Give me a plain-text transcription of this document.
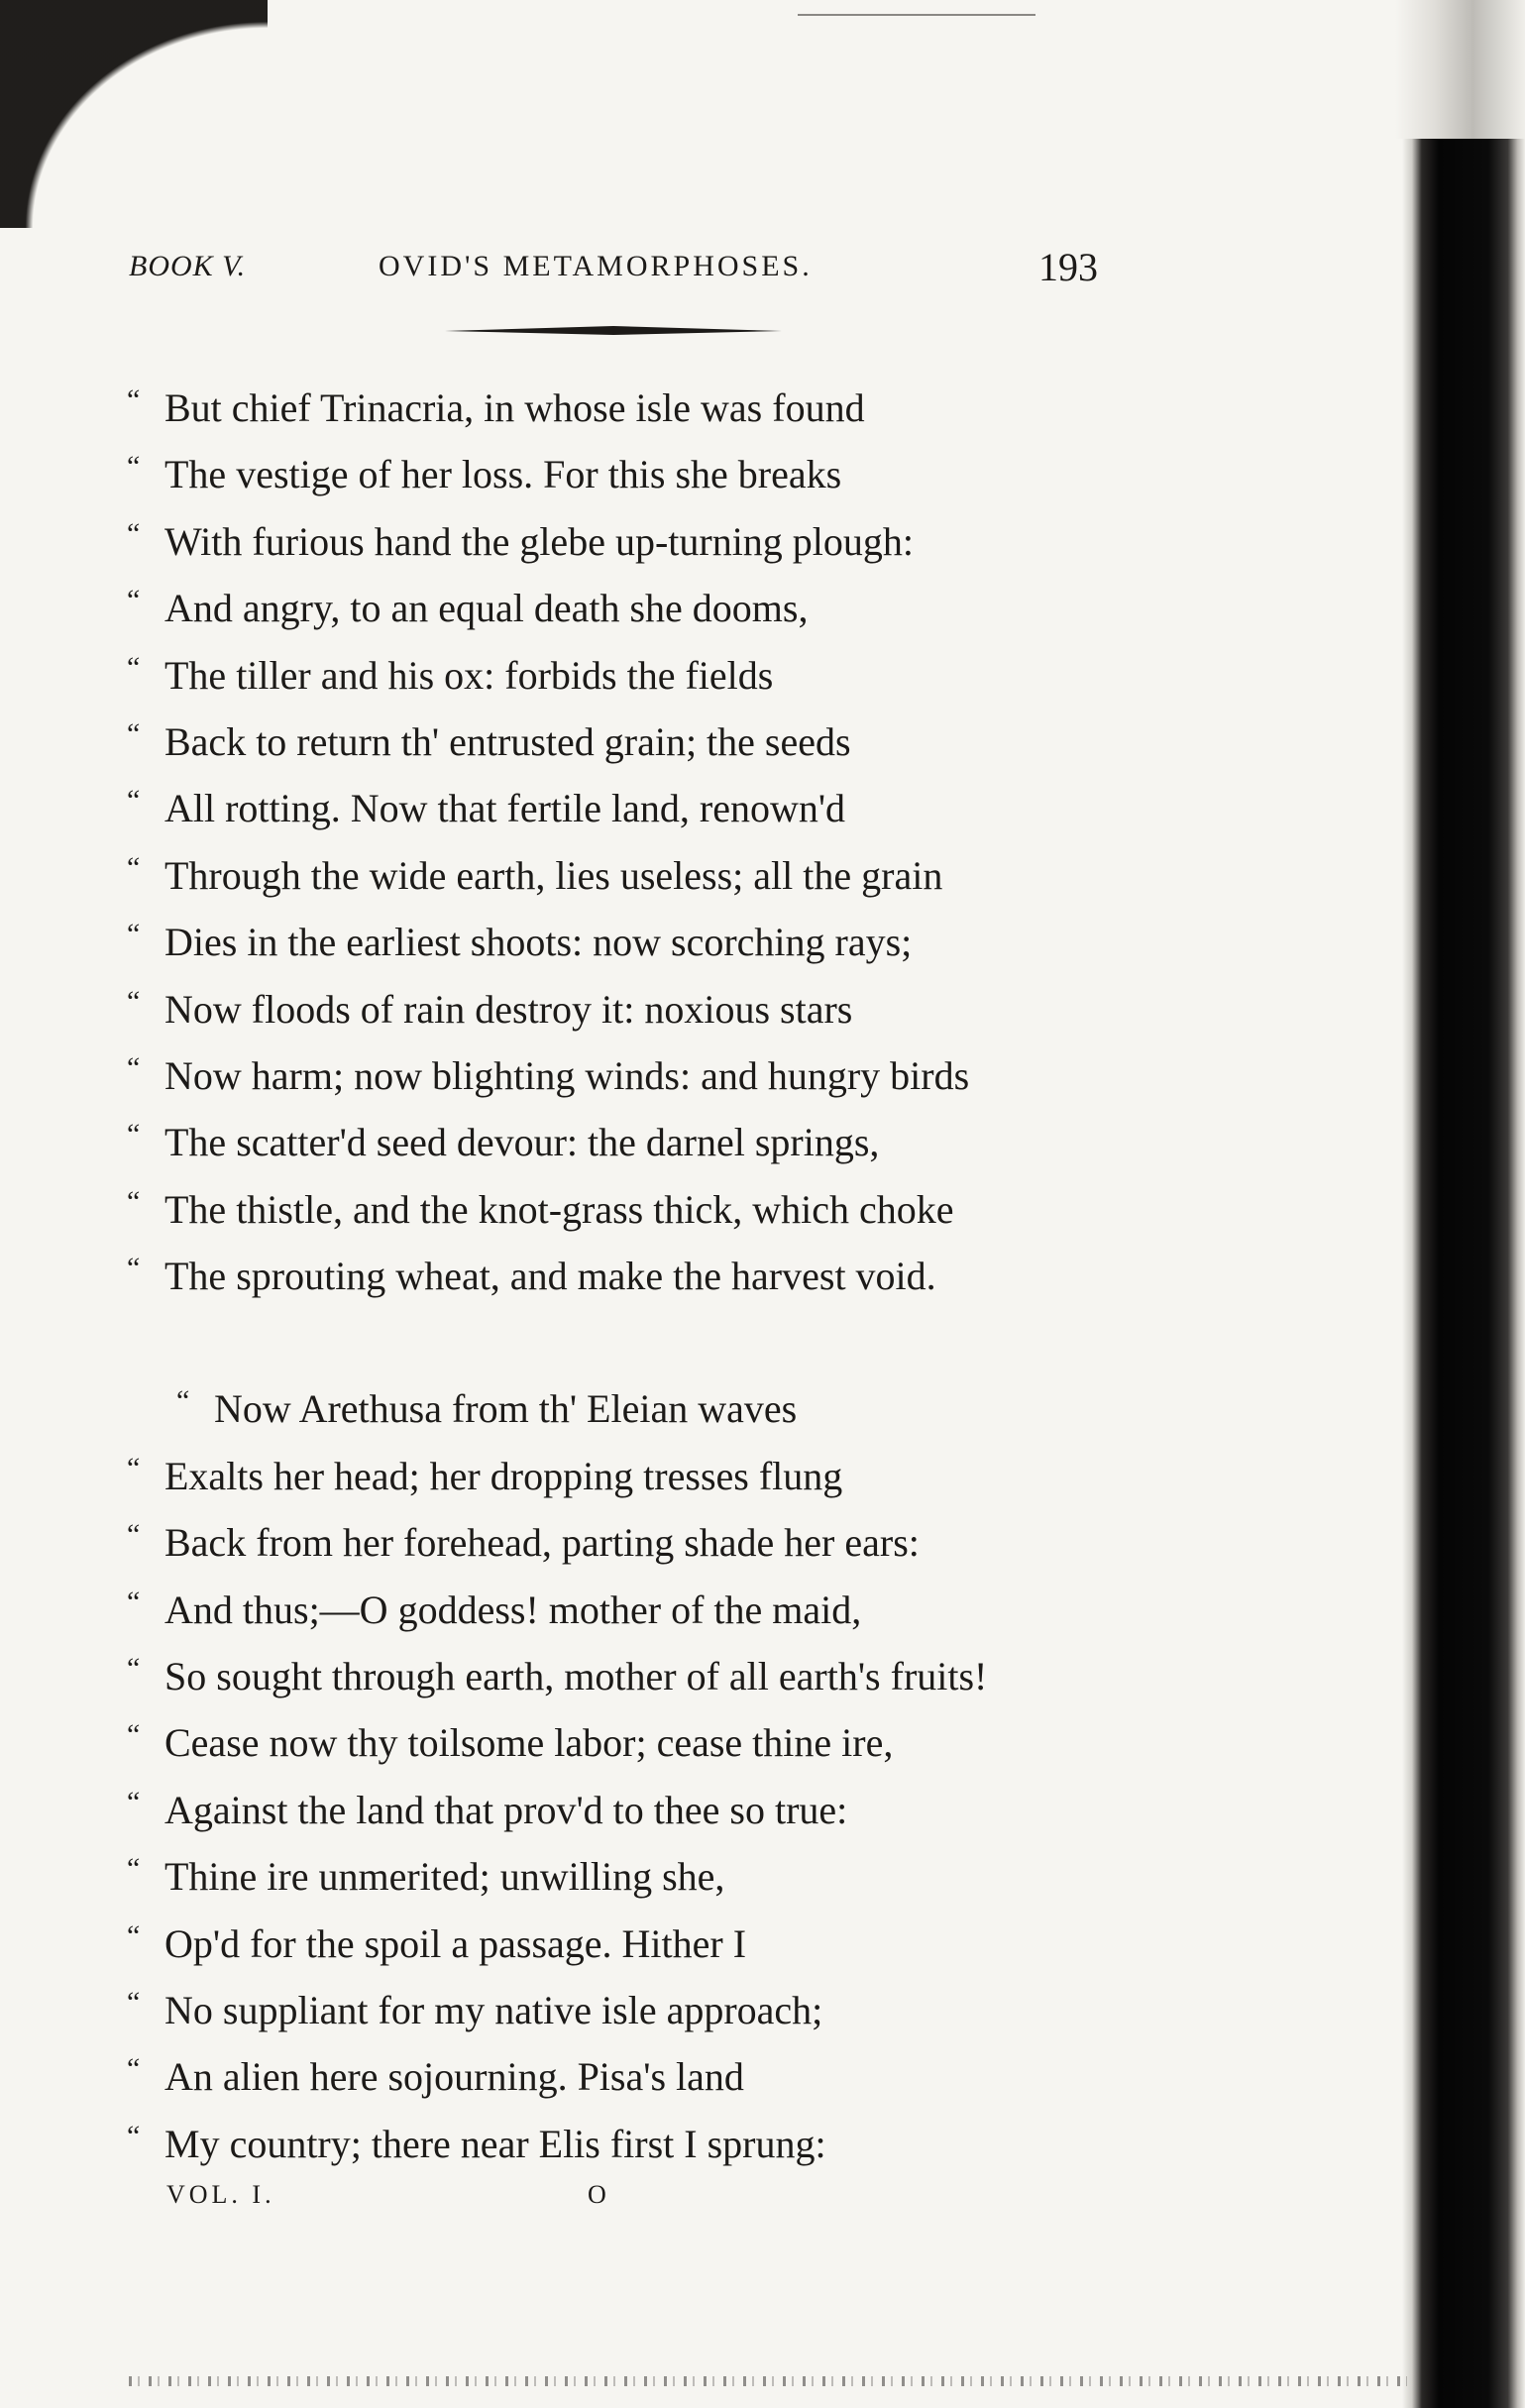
BOOK V.	OVID'S METAMORPHOSES.	193
“ But chief Trinacria, in whose isle was found
“ The vestige of her loss. For this she breaks
“ With furious hand the glebe up-turning plough:
“ And angry, to an equal death she dooms,
“ The tiller and his ox: forbids the fields
“ Back to return th' entrusted grain; the seeds
“ All rotting. Now that fertile land, renown'd
“ Through the wide earth, lies useless; all the grain
“ Dies in the earliest shoots: now scorching rays;
“ Now floods of rain destroy it: noxious stars
“ Now harm; now blighting winds: and hungry birds
“ The scatter'd seed devour: the darnel springs,
“ The thistle, and the knot-grass thick, which choke
“ The sprouting wheat, and make the harvest void.
“ Now Arethusa from th' Eleian waves
“ Exalts her head; her dropping tresses flung
“ Back from her forehead, parting shade her ears:
“ And thus;—O goddess! mother of the maid,
“ So sought through earth, mother of all earth's fruits!
“ Cease now thy toilsome labor; cease thine ire,
“ Against the land that prov'd to thee so true:
“ Thine ire unmerited; unwilling she,
“ Op'd for the spoil a passage. Hither I
“ No suppliant for my native isle approach;
“ An alien here sojourning. Pisa's land
“ My country; there near Elis first I sprung:
VOL. I.	O
